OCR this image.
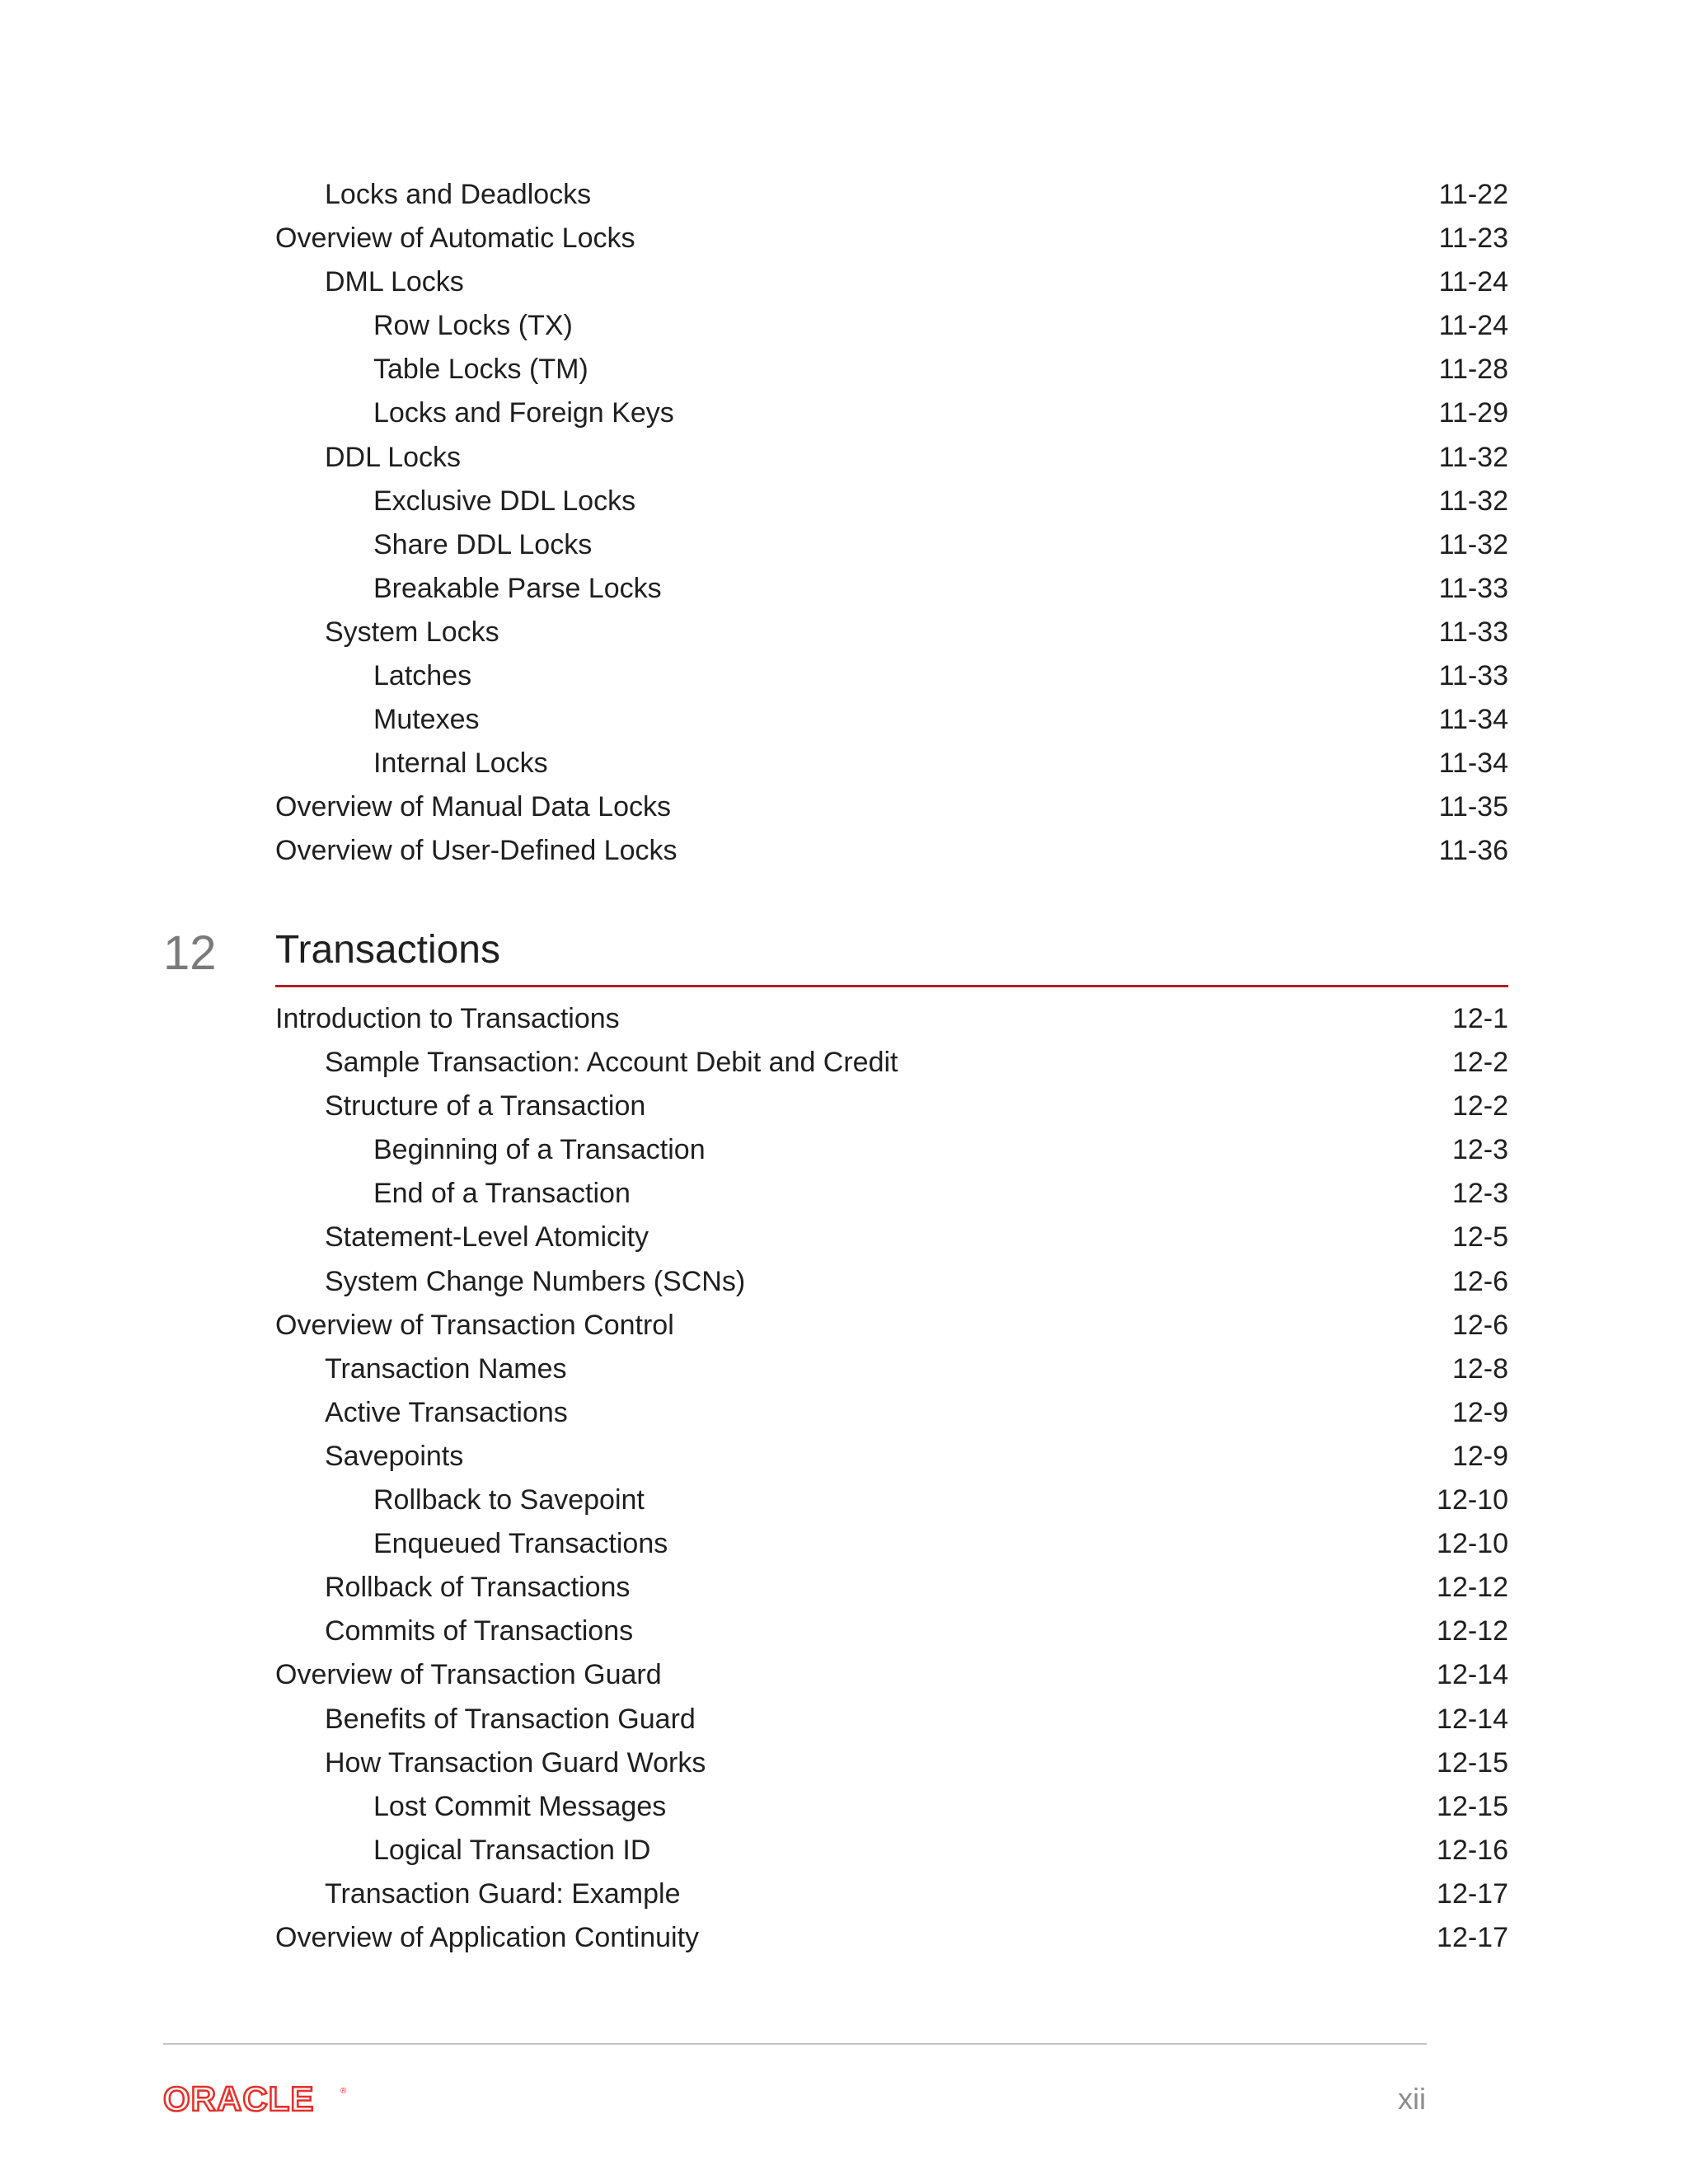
Locks and Deadlocks	11-22
Overview of Automatic Locks	11-23
DML Locks	11-24
Row Locks (TX)	11-24
Table Locks (TM)	11-28
Locks and Foreign Keys	11-29
DDL Locks	11-32
Exclusive DDL Locks	11-32
Share DDL Locks	11-32
Breakable Parse Locks	11-33
System Locks	11-33
Latches	11-33
Mutexes	11-34
Internal Locks	11-34
Overview of Manual Data Locks	11-35
Overview of User-Defined Locks	11-36
12 Transactions
Introduction to Transactions	12-1
Sample Transaction: Account Debit and Credit	12-2
Structure of a Transaction	12-2
Beginning of a Transaction	12-3
End of a Transaction	12-3
Statement-Level Atomicity	12-5
System Change Numbers (SCNs)	12-6
Overview of Transaction Control	12-6
Transaction Names	12-8
Active Transactions	12-9
Savepoints	12-9
Rollback to Savepoint	12-10
Enqueued Transactions	12-10
Rollback of Transactions	12-12
Commits of Transactions	12-12
Overview of Transaction Guard	12-14
Benefits of Transaction Guard	12-14
How Transaction Guard Works	12-15
Lost Commit Messages	12-15
Logical Transaction ID	12-16
Transaction Guard: Example	12-17
Overview of Application Continuity	12-17
ORACLE	®	xii
